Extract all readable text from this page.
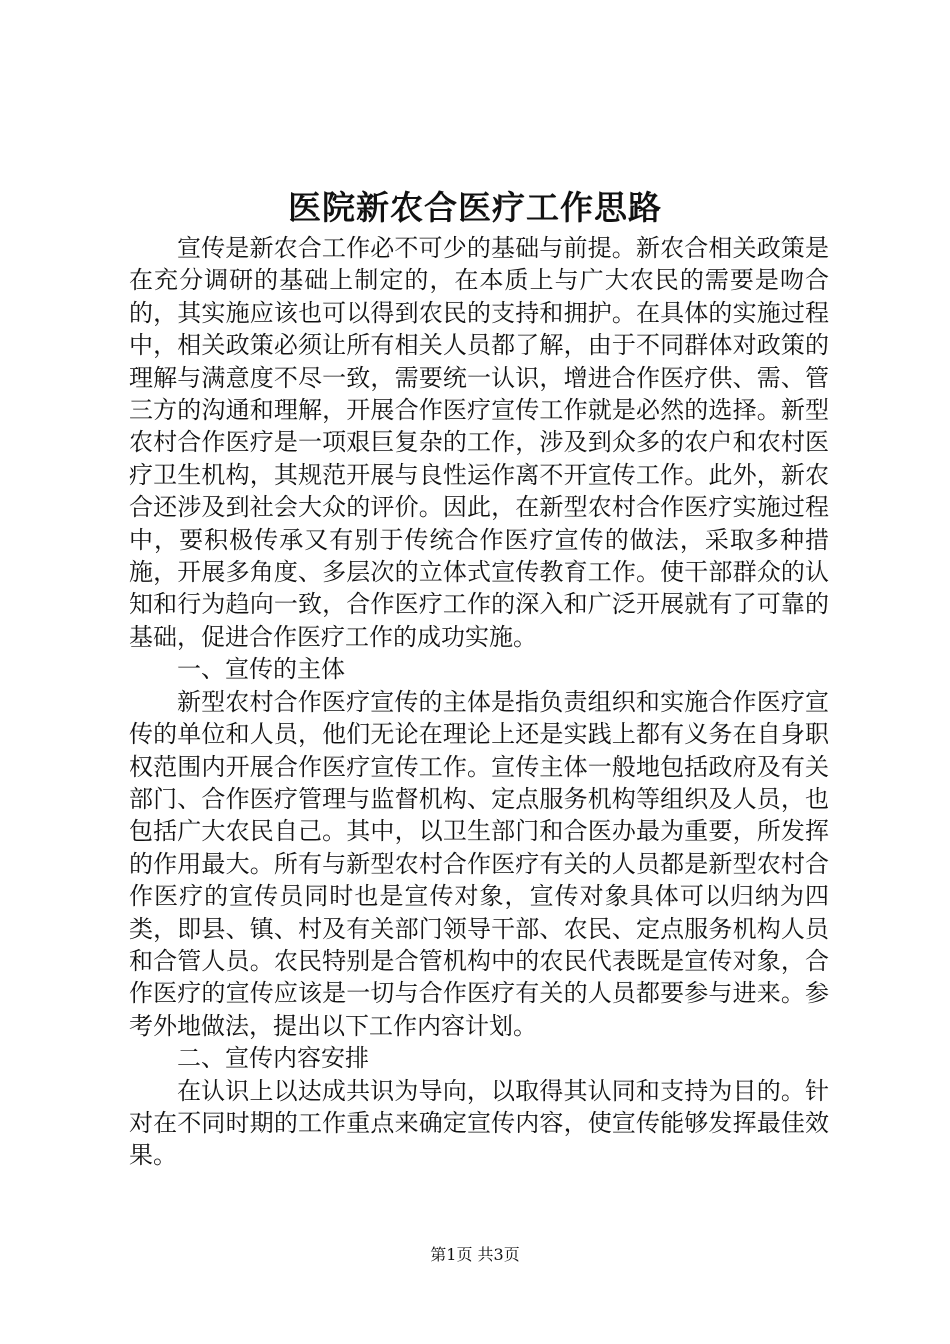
医院新农合医疗工作思路

宣传是新农合工作必不可少的基础与前提。新农合相关政策是在充分调研的基础上制定的，在本质上与广大农民的需要是吻合的，其实施应该也可以得到农民的支持和拥护。在具体的实施过程中，相关政策必须让所有相关人员都了解，由于不同群体对政策的理解与满意度不尽一致，需要统一认识，增进合作医疗供、需、管三方的沟通和理解，开展合作医疗宣传工作就是必然的选择。新型农村合作医疗是一项艰巨复杂的工作，涉及到众多的农户和农村医疗卫生机构，其规范开展与良性运作离不开宣传工作。此外，新农合还涉及到社会大众的评价。因此，在新型农村合作医疗实施过程中，要积极传承又有别于传统合作医疗宣传的做法，采取多种措施，开展多角度、多层次的立体式宣传教育工作。使干部群众的认知和行为趋向一致，合作医疗工作的深入和广泛开展就有了可靠的基础，促进合作医疗工作的成功实施。

一、宣传的主体

新型农村合作医疗宣传的主体是指负责组织和实施合作医疗宣传的单位和人员，他们无论在理论上还是实践上都有义务在自身职权范围内开展合作医疗宣传工作。宣传主体一般地包括政府及有关部门、合作医疗管理与监督机构、定点服务机构等组织及人员，也包括广大农民自己。其中，以卫生部门和合医办最为重要，所发挥的作用最大。所有与新型农村合作医疗有关的人员都是新型农村合作医疗的宣传员同时也是宣传对象，宣传对象具体可以归纳为四类，即县、镇、村及有关部门领导干部、农民、定点服务机构人员和合管人员。农民特别是合管机构中的农民代表既是宣传对象，合作医疗的宣传应该是一切与合作医疗有关的人员都要参与进来。参考外地做法，提出以下工作内容计划。

二、宣传内容安排

在认识上以达成共识为导向，以取得其认同和支持为目的。针对在不同时期的工作重点来确定宣传内容，使宣传能够发挥最佳效果。

第1页 共3页
